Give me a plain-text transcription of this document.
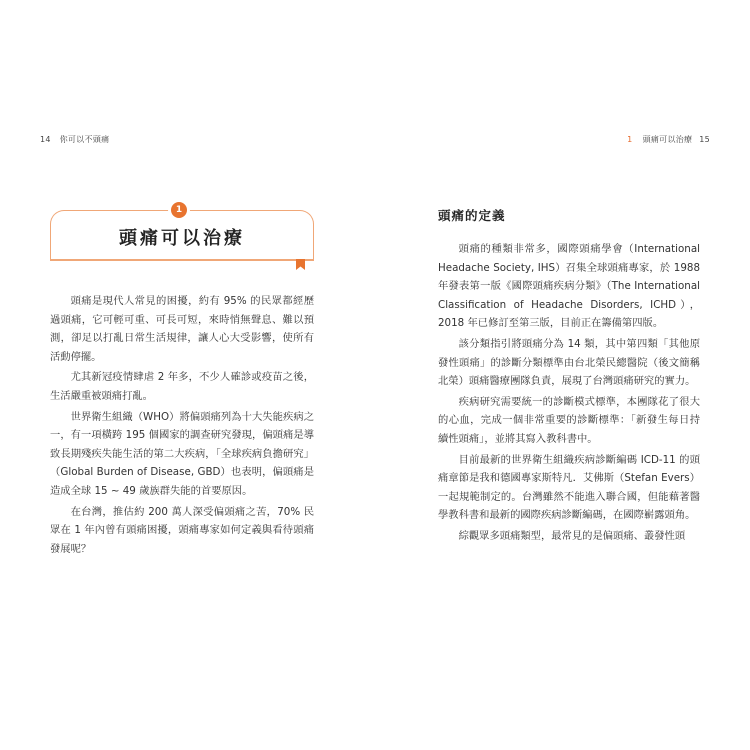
14 你可以不頭痛	1 頭痛可以治療 15
1
頭痛可以治療

頭痛是現代人常見的困擾，約有 95% 的民眾都經歷過頭痛，它可輕可重、可長可短，來時悄無聲息、難以預測，卻足以打亂日常生活規律，讓人心大受影響，使所有活動停擺。

尤其新冠疫情肆虐 2 年多，不少人確診或疫苗之後，生活嚴重被頭痛打亂。

世界衛生組織（WHO）將偏頭痛列為十大失能疾病之一，有一項橫跨 195 個國家的調查研究發現，偏頭痛是導致長期殘疾失能生活的第二大疾病，「全球疾病負擔研究」（Global Burden of Disease, GBD）也表明，偏頭痛是造成全球 15 ~ 49 歲族群失能的首要原因。

在台灣，推估約 200 萬人深受偏頭痛之苦，70% 民眾在 1 年內曾有頭痛困擾，頭痛專家如何定義與看待頭痛發展呢？

頭痛的定義

頭痛的種類非常多，國際頭痛學會（International Headache Society, IHS）召集全球頭痛專家，於 1988 年發表第一版《國際頭痛疾病分類》（The International Classification of Headache Disorders, ICHD），2018 年已修訂至第三版，目前正在籌備第四版。

該分類指引將頭痛分為 14 類，其中第四類「其他原發性頭痛」的診斷分類標準由台北榮民總醫院（後文簡稱北榮）頭痛醫療團隊負責，展現了台灣頭痛研究的實力。

疾病研究需要統一的診斷模式標準，本團隊花了很大的心血，完成一個非常重要的診斷標準：「新發生每日持續性頭痛」，並將其寫入教科書中。

目前最新的世界衛生組織疾病診斷編碼 ICD-11 的頭痛章節是我和德國專家斯特凡．艾佛斯（Stefan Evers）一起規範制定的。台灣雖然不能進入聯合國，但能藉著醫學教科書和最新的國際疾病診斷編碼，在國際嶄露頭角。

綜觀眾多頭痛類型，最常見的是偏頭痛、叢發性頭
